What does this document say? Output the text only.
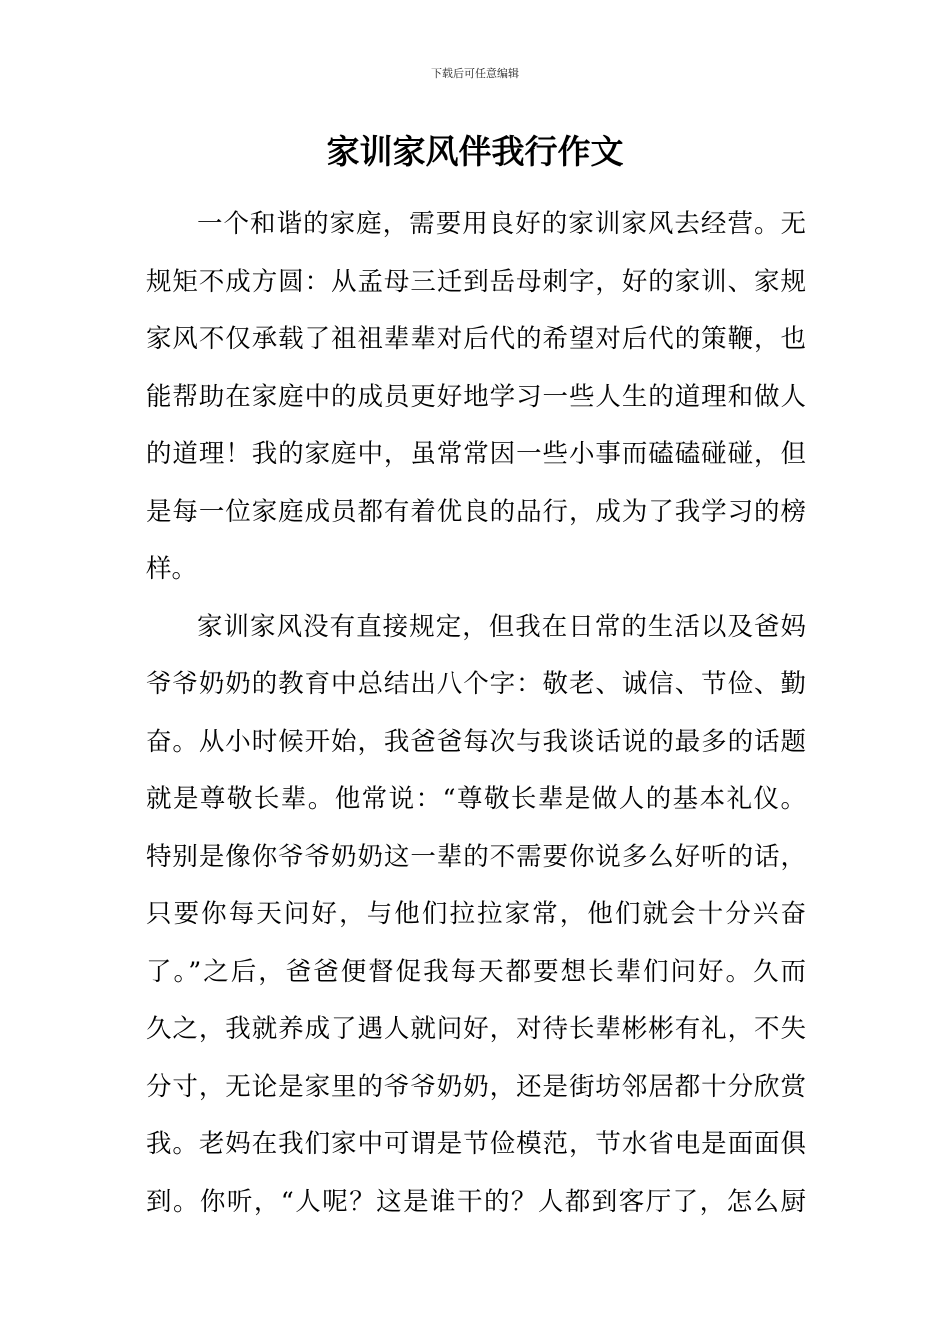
下载后可任意编辑
家训家风伴我行作文
一个和谐的家庭，需要用良好的家训家风去经营。无
规矩不成方圆：从孟母三迁到岳母刺字，好的家训、家规
家风不仅承载了祖祖辈辈对后代的希望对后代的策鞭，也
能帮助在家庭中的成员更好地学习一些人生的道理和做人
的道理！我的家庭中，虽常常因一些小事而磕磕碰碰，但
是每一位家庭成员都有着优良的品行，成为了我学习的榜
样。
家训家风没有直接规定，但我在日常的生活以及爸妈
爷爷奶奶的教育中总结出八个字：敬老、诚信、节俭、勤
奋。从小时候开始，我爸爸每次与我谈话说的最多的话题
就是尊敬长辈。他常说：“尊敬长辈是做人的基本礼仪。
特别是像你爷爷奶奶这一辈的不需要你说多么好听的话，
只要你每天问好，与他们拉拉家常，他们就会十分兴奋
了。”之后，爸爸便督促我每天都要想长辈们问好。久而
久之，我就养成了遇人就问好，对待长辈彬彬有礼，不失
分寸，无论是家里的爷爷奶奶，还是街坊邻居都十分欣赏
我。老妈在我们家中可谓是节俭模范，节水省电是面面俱
到。你听，“人呢？这是谁干的？人都到客厅了，怎么厨
